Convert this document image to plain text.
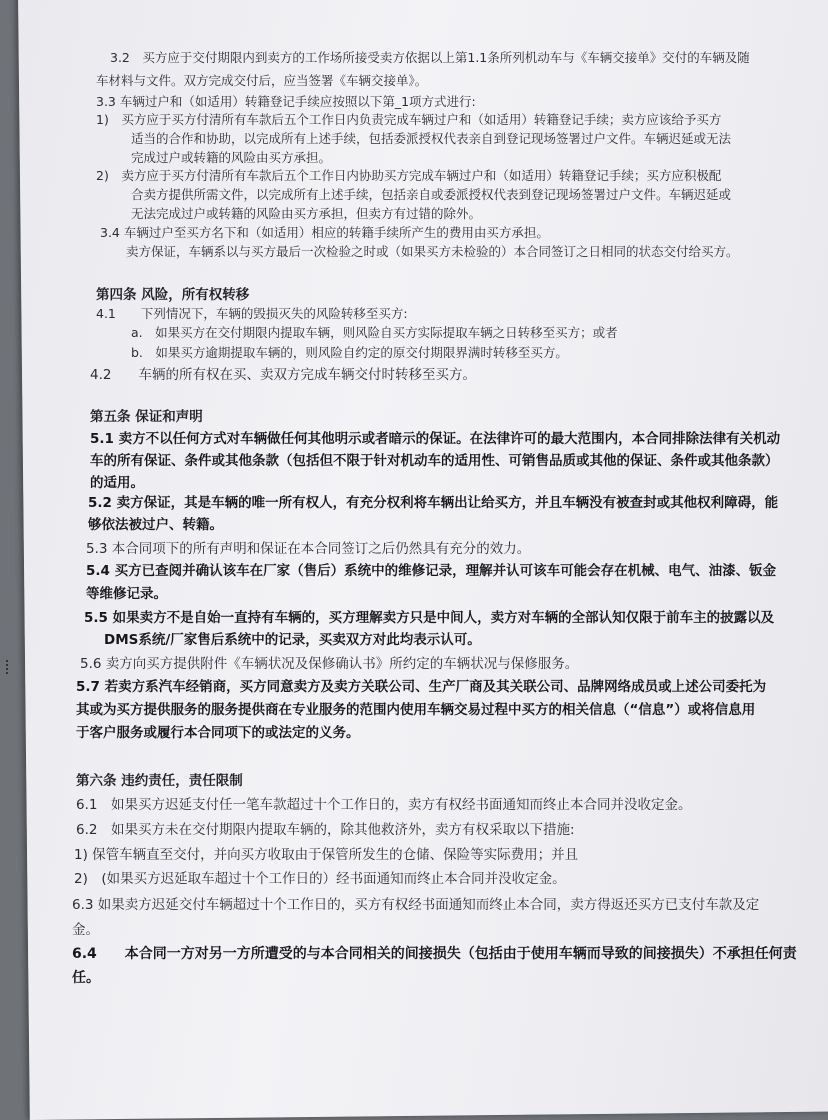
3.2　买方应于交付期限内到卖方的工作场所接受卖方依据以上第1.1条所列机动车与《车辆交接单》交付的车辆及随
车材料与文件。双方完成交付后，应当签署《车辆交接单》。
3.3 车辆过户和（如适用）转籍登记手续应按照以下第_1项方式进行:
1)　买方应于买方付清所有车款后五个工作日内负责完成车辆过户和（如适用）转籍登记手续；卖方应该给予买方
适当的合作和协助，以完成所有上述手续，包括委派授权代表亲自到登记现场签署过户文件。车辆迟延或无法
完成过户或转籍的风险由买方承担。
2)　卖方应于买方付清所有车款后五个工作日内协助买方完成车辆过户和（如适用）转籍登记手续；买方应积极配
合卖方提供所需文件，以完成所有上述手续，包括亲自或委派授权代表到登记现场签署过户文件。车辆迟延或
无法完成过户或转籍的风险由买方承担，但卖方有过错的除外。
3.4 车辆过户至买方名下和（如适用）相应的转籍手续所产生的费用由买方承担。
卖方保证，车辆系以与买方最后一次检验之时或（如果买方未检验的）本合同签订之日相同的状态交付给买方。
第四条 风险，所有权转移
4.1　　下列情况下，车辆的毁损灭失的风险转移至买方:
a.　如果买方在交付期限内提取车辆，则风险自买方实际提取车辆之日转移至买方；或者
b.　如果买方逾期提取车辆的，则风险自约定的原交付期限界满时转移至买方。
4.2　　车辆的所有权在买、卖双方完成车辆交付时转移至买方。
第五条 保证和声明
5.1 卖方不以任何方式对车辆做任何其他明示或者暗示的保证。在法律许可的最大范围内，本合同排除法律有关机动
车的所有保证、条件或其他条款（包括但不限于针对机动车的适用性、可销售品质或其他的保证、条件或其他条款）
的适用。
5.2 卖方保证，其是车辆的唯一所有权人，有充分权利将车辆出让给买方，并且车辆没有被查封或其他权利障碍，能
够依法被过户、转籍。
5.3 本合同项下的所有声明和保证在本合同签订之后仍然具有充分的效力。
5.4 买方已查阅并确认该车在厂家（售后）系统中的维修记录，理解并认可该车可能会存在机械、电气、油漆、钣金
等维修记录。
5.5 如果卖方不是自始一直持有车辆的，买方理解卖方只是中间人，卖方对车辆的全部认知仅限于前车主的披露以及
DMS系统/厂家售后系统中的记录，买卖双方对此均表示认可。
5.6 卖方向买方提供附件《车辆状况及保修确认书》所约定的车辆状况与保修服务。
5.7 若卖方系汽车经销商，买方同意卖方及卖方关联公司、生产厂商及其关联公司、品牌网络成员或上述公司委托为
其或为买方提供服务的服务提供商在专业服务的范围内使用车辆交易过程中买方的相关信息（“信息”）或将信息用
于客户服务或履行本合同项下的或法定的义务。
第六条 违约责任，责任限制
6.1　如果买方迟延支付任一笔车款超过十个工作日的，卖方有权经书面通知而终止本合同并没收定金。
6.2　如果买方未在交付期限内提取车辆的，除其他救济外，卖方有权采取以下措施:
1) 保管车辆直至交付，并向买方收取由于保管所发生的仓储、保险等实际费用；并且
2)　(如果买方迟延取车超过十个工作日的）经书面通知而终止本合同并没收定金。
6.3 如果卖方迟延交付车辆超过十个工作日的，买方有权经书面通知而终止本合同，卖方得返还买方已支付车款及定
金。
6.4　　本合同一方对另一方所遭受的与本合同相关的间接损失（包括由于使用车辆而导致的间接损失）不承担任何责
任。
